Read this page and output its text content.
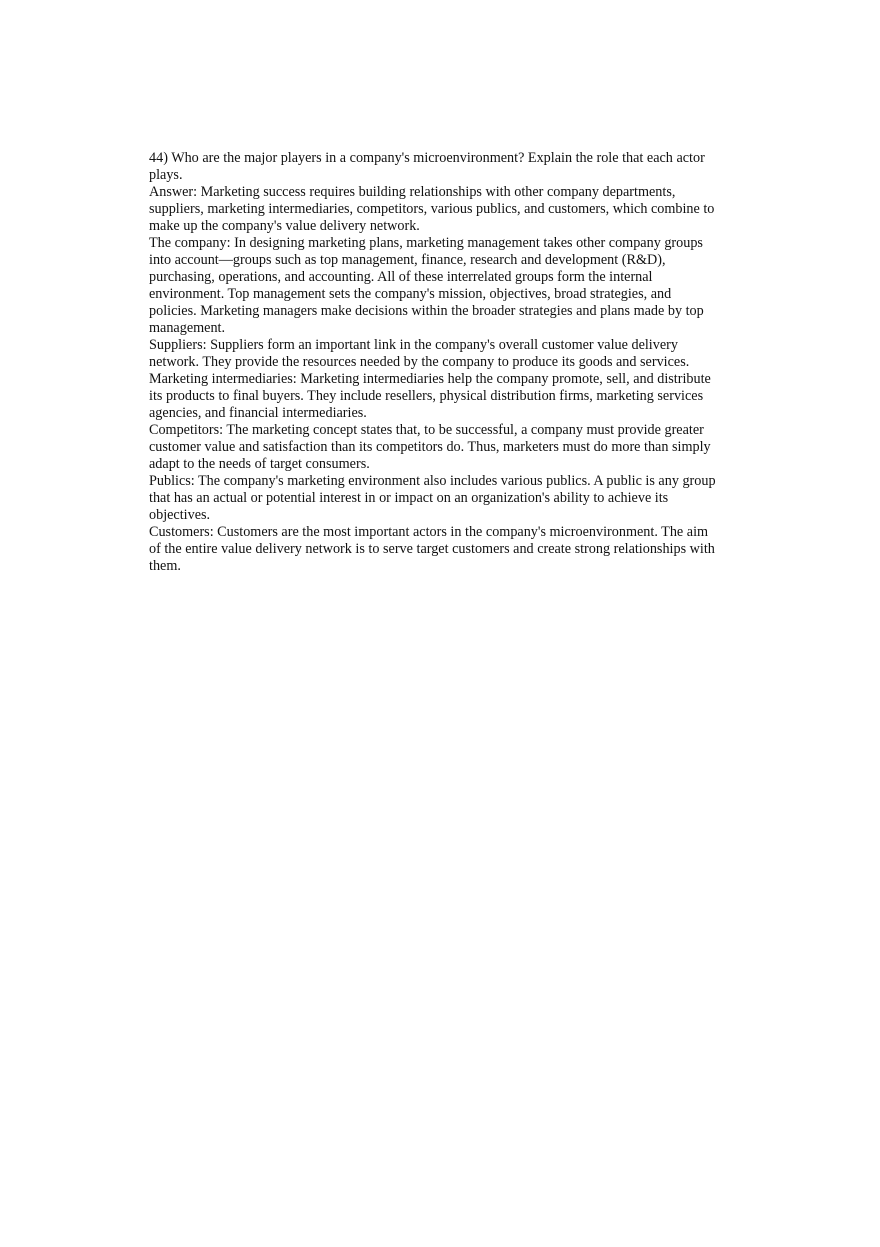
44) Who are the major players in a company's microenvironment? Explain the role that each actor plays.

Answer: Marketing success requires building relationships with other company departments, suppliers, marketing intermediaries, competitors, various publics, and customers, which combine to make up the company's value delivery network.

The company: In designing marketing plans, marketing management takes other company groups into account—groups such as top management, finance, research and development (R&D), purchasing, operations, and accounting. All of these interrelated groups form the internal environment. Top management sets the company's mission, objectives, broad strategies, and policies. Marketing managers make decisions within the broader strategies and plans made by top management.

Suppliers: Suppliers form an important link in the company's overall customer value delivery network. They provide the resources needed by the company to produce its goods and services.

Marketing intermediaries: Marketing intermediaries help the company promote, sell, and distribute its products to final buyers. They include resellers, physical distribution firms, marketing services agencies, and financial intermediaries.

Competitors: The marketing concept states that, to be successful, a company must provide greater customer value and satisfaction than its competitors do. Thus, marketers must do more than simply adapt to the needs of target consumers.

Publics: The company's marketing environment also includes various publics. A public is any group that has an actual or potential interest in or impact on an organization's ability to achieve its objectives.

Customers: Customers are the most important actors in the company's microenvironment. The aim of the entire value delivery network is to serve target customers and create strong relationships with them.
